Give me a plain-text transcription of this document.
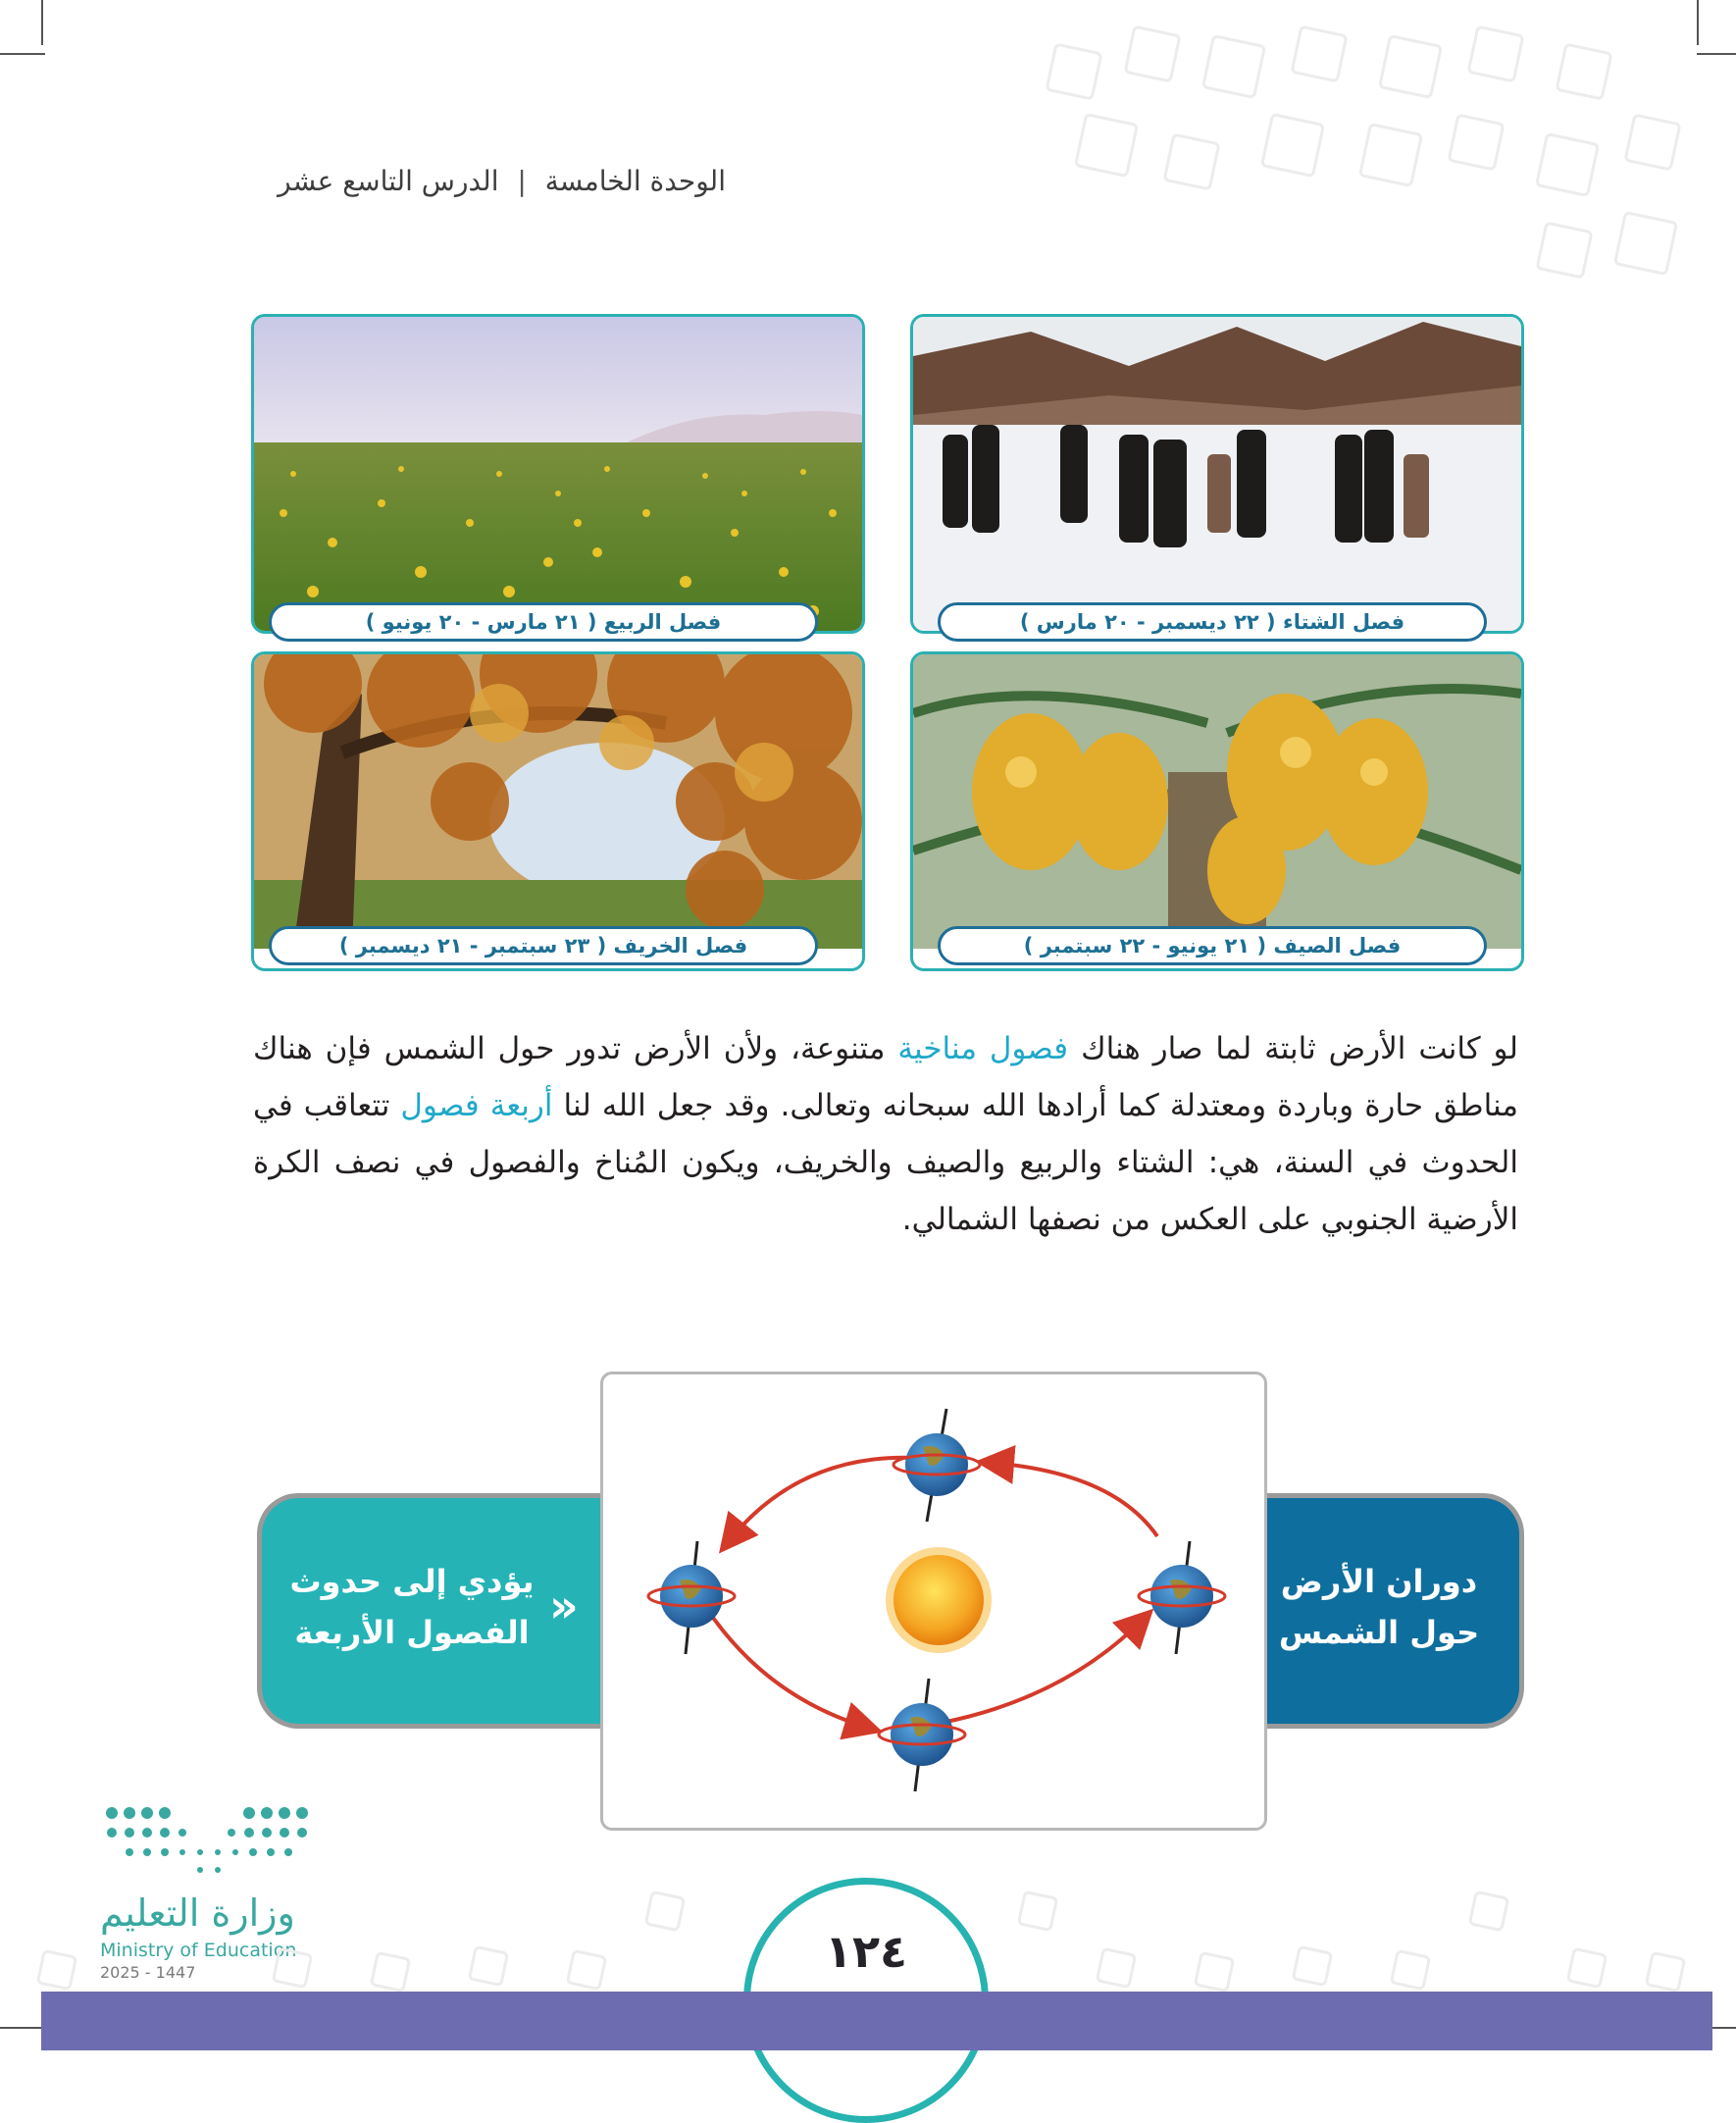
الوحدة الخامسة | الدرس التاسع عشر
فصل الربيع ( ٢١ مارس - ٢٠ يونيو )	فصل الشتاء ( ٢٢ ديسمبر - ٢٠ مارس )
فصل الخريف ( ٢٣ سبتمبر - ٢١ ديسمبر )	فصل الصيف ( ٢١ يونيو - ٢٢ سبتمبر )
لو كانت الأرض ثابتة لما صار هناك فصول مناخية متنوعة، ولأن الأرض تدور حول الشمس فإن هناك مناطق حارة وباردة ومعتدلة كما أرادها الله سبحانه وتعالى. وقد جعل الله لنا أربعة فصول تتعاقب في الحدوث في السنة، هي: الشتاء والربيع والصيف والخريف، ويكون المُناخ والفصول في نصف الكرة الأرضية الجنوبي على العكس من نصفها الشمالي.
»
يؤدي إلى حدوث
الفصول الأربعة
دوران الأرض
حول الشمس
وزارة التعليم
Ministry of Education
2025 - 1447	١٢٤
